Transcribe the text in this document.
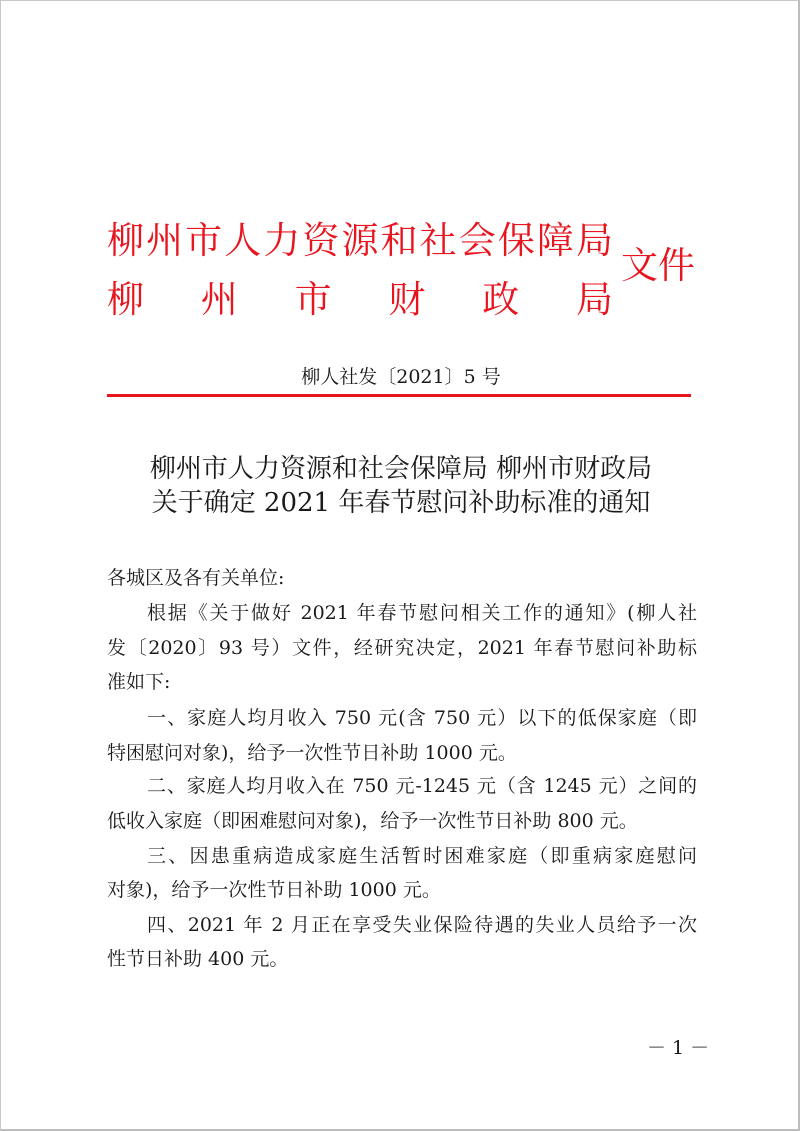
柳州市人力资源和社会保障局
柳 州 市 财 政 局
文件
柳人社发〔2021〕5 号
柳州市人力资源和社会保障局 柳州市财政局
关于确定 2021 年春节慰问补助标准的通知
各城区及各有关单位:
根据《关于做好 2021 年春节慰问相关工作的通知》(柳人社
发〔2020〕93 号）文件，经研究决定，2021 年春节慰问补助标
准如下:
一、家庭人均月收入 750 元(含 750 元）以下的低保家庭（即
特困慰问对象)，给予一次性节日补助 1000 元。
二、家庭人均月收入在 750 元-1245 元（含 1245 元）之间的
低收入家庭（即困难慰问对象)，给予一次性节日补助 800 元。
三、因患重病造成家庭生活暂时困难家庭（即重病家庭慰问
对象)，给予一次性节日补助 1000 元。
四、2021 年 2 月正在享受失业保险待遇的失业人员给予一次
性节日补助 400 元。
－ 1 －
